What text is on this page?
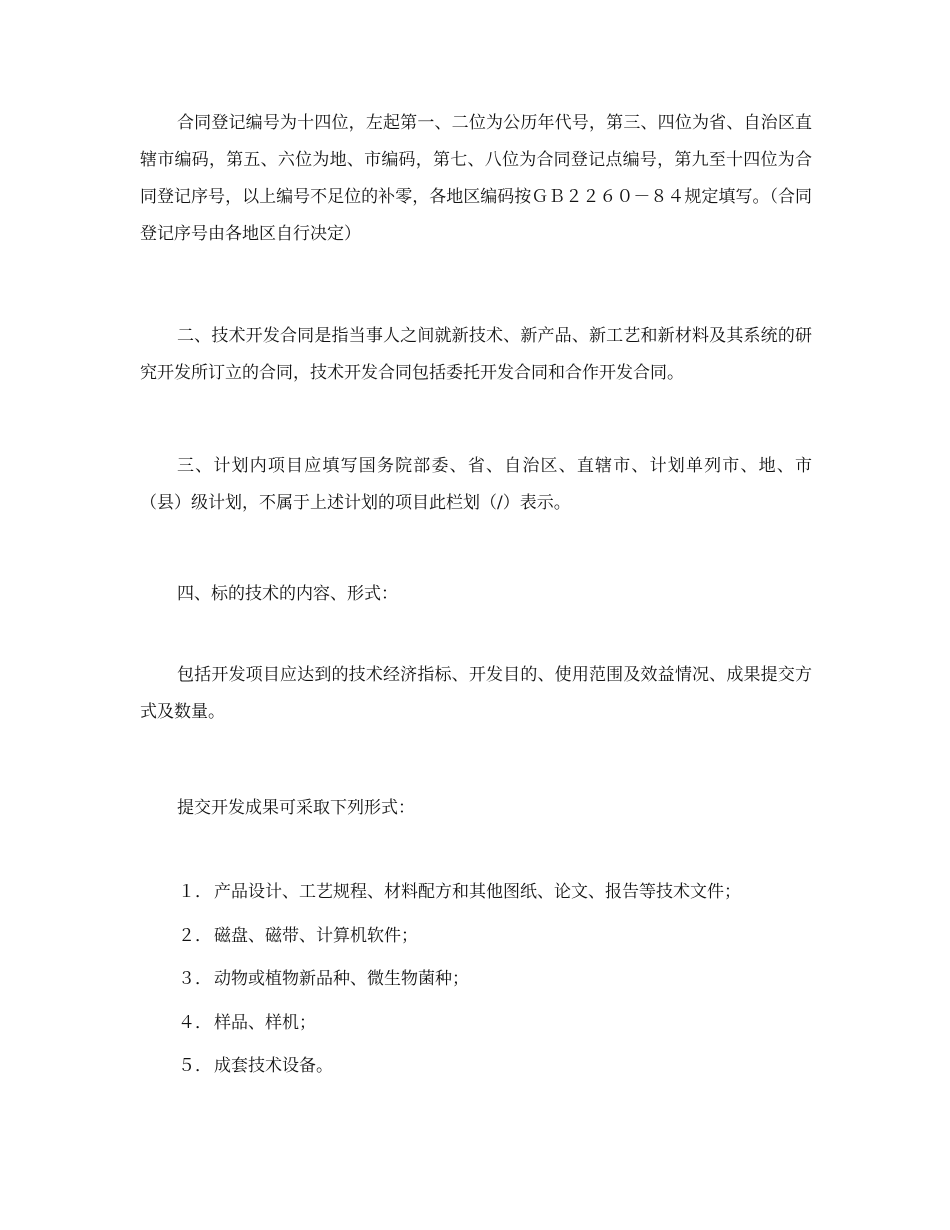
合同登记编号为十四位，左起第一、二位为公历年代号，第三、四位为省、自治区直辖市编码，第五、六位为地、市编码，第七、八位为合同登记点编号，第九至十四位为合同登记序号，以上编号不足位的补零，各地区编码按ＧＢ２２６０－８４规定填写。（合同登记序号由各地区自行决定）

二、技术开发合同是指当事人之间就新技术、新产品、新工艺和新材料及其系统的研究开发所订立的合同，技术开发合同包括委托开发合同和合作开发合同。

三、计划内项目应填写国务院部委、省、自治区、直辖市、计划单列市、地、市（县）级计划，不属于上述计划的项目此栏划（/）表示。

四、标的技术的内容、形式：

包括开发项目应达到的技术经济指标、开发目的、使用范围及效益情况、成果提交方式及数量。

提交开发成果可采取下列形式：

１． 产品设计、工艺规程、材料配方和其他图纸、论文、报告等技术文件；
２． 磁盘、磁带、计算机软件；
３． 动物或植物新品种、微生物菌种；
４． 样品、样机；
５． 成套技术设备。
